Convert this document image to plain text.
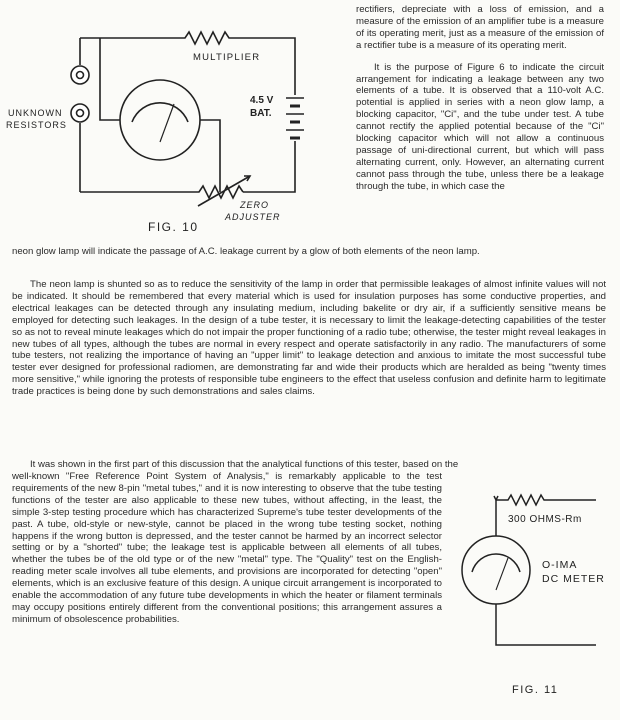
MULTIPLIER
4.5 V
BAT.
ZERO
ADJUSTER
UNKNOWN
RESISTORS
FIG. 10

rectifiers, depreciate with a loss of emission, and a measure of the emission of an amplifier tube is a measure of its operating merit, just as a measure of the emission of a rectifier tube is a measure of its operating merit.

It is the purpose of Figure 6 to indicate the circuit arrangement for indicating a leakage between any two elements of a tube. It is observed that a 110-volt A.C. potential is applied in series with a neon glow lamp, a blocking capacitor, "Ci", and the tube under test. A tube cannot rectify the applied potential because of the "Ci" blocking capacitor which will not allow a continuous passage of uni-directional current, but which will pass alternating current, only. However, an alternating current cannot pass through the tube, unless there be a leakage through the tube, in which case the

neon glow lamp will indicate the passage of A.C. leakage current by a glow of both elements of the neon lamp.
The neon lamp is shunted so as to reduce the sensitivity of the lamp in order that permissible leakages of almost infinite values will not be indicated. It should be remembered that every material which is used for insulation purposes has some conductive properties, and electrical leakages can be detected through any insulating medium, including bakelite or dry air, if a sufficiently sensitive means be employed for detecting such leakages. In the design of a tube tester, it is necessary to limit the leakage-detecting capabilities of the tester so as not to reveal minute leakages which do not impair the proper functioning of a radio tube; otherwise, the tester might reveal leakages in new tubes of all types, although the tubes are normal in every respect and operate satisfactorily in any radio. The manufacturers of some tube testers, not realizing the importance of having an "upper limit" to leakage detection and anxious to imitate the most successful tube tester ever designed for professional radiomen, are demonstrating far and wide their products which are heralded as being "twenty times more sensitive," while ignoring the protests of responsible tube engineers to the effect that useless confusion and definite harm to legitimate trade practices is being done by such demonstrations and sales claims.
It was shown in the first part of this discussion that the analytical functions of this tester, based on the
well-known "Free Reference Point System of Analysis," is remarkably applicable to the test requirements of the new 8-pin "metal tubes," and it is now interesting to observe that the tube testing functions of the tester are also applicable to these new tubes, without affecting, in the least, the simple 3-step testing procedure which has characterized Supreme's tube tester developments of the past. A tube, old-style or new-style, cannot be placed in the wrong tube testing socket, nothing happens if the wrong button is depressed, and the tester cannot be harmed by an incorrect selector setting or by a "shorted" tube; the leakage test is applicable between all elements of all tubes, whether the tubes be of the old type or of the new "metal" type. The "Quality" test on the English-reading meter scale involves all tube elements, and provisions are incorporated for detecting "open" elements, which is an exclusive feature of this design. A unique circuit arrangement is incorporated to enable the accommodation of any future tube developments in which the heater or filament terminals may occupy positions entirely different from the conventional positions; this arrangement assures a minimum of obsolescence probabilities.
300 OHMS-Rm
O-IMA
DC METER
FIG. 11
